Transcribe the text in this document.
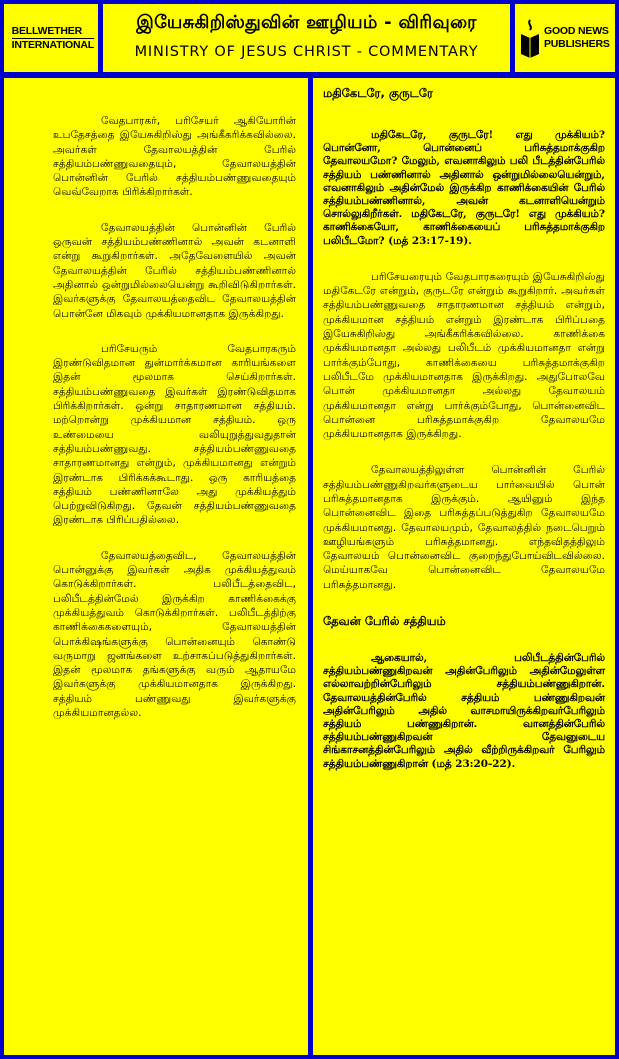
BELLWETHER
INTERNATIONAL
இயேசுகிறிஸ்துவின் ஊழியம் - விரிவுரை
MINISTRY OF JESUS CHRIST - COMMENTARY
GOOD NEWS
PUBLISHERS

வேதபாரகர், பரிசேயர் ஆகியோரின் உபதேசத்தை இயேசுகிறிஸ்து அங்கீகரிக்கவில்லை. அவர்கள் தேவாலயத்தின் பேரில் சத்தியம்பண்ணுவதையும், தேவாலயத்தின் பொன்னின் பேரில் சத்தியம்பண்ணுவதையும் வெவ்வேறாக பிரிக்கிறார்கள்.

தேவாலயத்தின் பொன்னின் பேரில் ஒருவன் சத்தியம்பண்ணினால் அவன் கடனாளி என்று கூறுகிறார்கள். அதேவேளையில் அவன் தேவாலயத்தின் பேரில் சத்தியம்பண்ணினால் அதினால் ஒன்றுமில்லையென்று கூறிவிடுகிறார்கள். இவர்களுக்கு தேவாலயத்தைவிட தேவாலயத்தின் பொன்னே மிகவும் முக்கியமானதாக இருக்கிறது.

பரிசேயரும் வேதபாரகரும் இரண்டுவிதமான துன்மார்க்கமான காரியங்களை இதன் மூலமாக செய்கிறார்கள். சத்தியம்பண்ணுவதை இவர்கள் இரண்டுவிதமாக பிரிக்கிறார்கள். ஒன்று சாதாரணமான சத்தியம். மற்றொன்று முக்கியமான சத்தியம். ஒரு உண்மையை வலியுறுத்துவதுதான் சத்தியம்பண்ணுவது. சத்தியம்பண்ணுவதை சாதாரணமானது என்றும், முக்கியமானது என்றும் இரண்டாக பிரிக்கக்கூடாது. ஒரு காரியத்தை சத்தியம் பண்ணினாலே அது முக்கியத்தும் பெற்றுவிடுகிறது. தேவன் சத்தியம்பண்ணுவதை இரண்டாக பிரிப்பதில்லை.

தேவாலயத்தைவிட, தேவாலயத்தின் பொன்னுக்கு இவர்கள் அதிக முக்கியத்துவம் கொடுக்கிறார்கள். பலிபீடத்தைவிட, பலிபீடத்தின்மேல் இருக்கிற காணிக்கைக்கு முக்கியத்துவம் கொடுக்கிறார்கள். பலிபீடத்திற்கு காணிக்கைகளையும், தேவாலயத்தின் பொக்கிஷங்களுக்கு பொன்னையும் கொண்டு வருமாறு ஜனங்களை உற்சாகப்படுத்துகிறார்கள். இதன் மூலமாக தங்களுக்கு வரும் ஆதாயமே இவர்களுக்கு முக்கியமானதாக இருக்கிறது. சத்தியம் பண்ணுவது இவர்களுக்கு முக்கியமானதல்ல.

மதிகேடரே, குருடரே

மதிகேடரே, குருடரே! எது முக்கியம்? பொன்னோ, பொன்னைப் பரிசுத்தமாக்குகிற தேவாலயமோ? மேலும், எவனாகிலும் பலி பீடத்தின்பேரில் சத்தியம் பண்ணினால் அதினால் ஒன்றுமில்லையென்றும், எவனாகிலும் அதின்மேல் இருக்கிற காணிக்கையின் பேரில் சத்தியம்பண்ணினால், அவன் கடனாளியென்றும் சொல்லுகிறீர்கள். மதிகேடரே, குருடரே! எது முக்கியம்? காணிக்கையோ, காணிக்கையைப் பரிசுத்தமாக்குகிற பலிபீடமோ? (மத் 23:17-19).

பரிசேயரையும் வேதபாரகரையும் இயேசுகிறிஸ்து மதிகேடரே என்றும், குருடரே என்றும் கூறுகிறார். அவர்கள் சத்தியம்பண்ணுவதை சாதாரணமான சத்தியம் என்றும், முக்கியமான சத்தியம் என்றும் இரண்டாக பிரிப்பதை இயேசுகிறிஸ்து அங்கீகரிக்கவில்லை. காணிக்கை முக்கியமானதா அல்லது பலிபீடம் முக்கியமானதா என்று பார்க்கும்போது, காணிக்கையை பரிசுத்தமாக்குகிற பலிபீடமே முக்கியமானதாக இருக்கிறது. அதுபோலவே பொன் முக்கியமானதா அல்லது தேவாலயம் முக்கியமானதா என்று பார்க்கும்போது, பொன்னைவிட பொன்னை பரிசுத்தமாக்குகிற தேவாலயமே முக்கியமானதாக இருக்கிறது.

தேவாலயத்திலுள்ள பொன்னின் பேரில் சத்தியம்பண்ணுகிறவர்களுடைய பார்வையில் பொன் பரிசுத்தமானதாக இருக்கும். ஆயினும் இந்த பொன்னைவிட இதை பரிசுத்தப்படுத்துகிற தேவாலயமே முக்கியமானது. தேவாலயமும், தேவாலத்தில் நடைபெறும் ஊழியங்களும் பரிசுத்தமானது. எந்தவிதத்திலும் தேவாலயம் பொன்னைவிட குறைந்துபோய்விடவில்லை. மெய்யாகவே பொன்னைவிட தேவாலயமே பரிசுத்தமானது.

தேவன் பேரில் சத்தியம்

ஆகையால், பலிபீடத்தின்பேரில் சத்தியம்பண்ணுகிறவன் அதின்பேரிலும் அதின்மேலுள்ள எல்லாவற்றின்பேரிலும் சத்தியம்பண்ணுகிறான். தேவாலயத்தின்பேரில் சத்தியம் பண்ணுகிறவன் அதின்பேரிலும் அதில் வாசமாயிருக்கிறவர்பேரிலும் சத்தியம் பண்ணுகிறான். வானத்தின்பேரில் சத்தியம்பண்ணுகிறவன் தேவனுடைய சிங்காசனத்தின்பேரிலும் அதில் வீற்றிருக்கிறவர் பேரிலும் சத்தியம்பண்ணுகிறான் (மத் 23:20-22).
